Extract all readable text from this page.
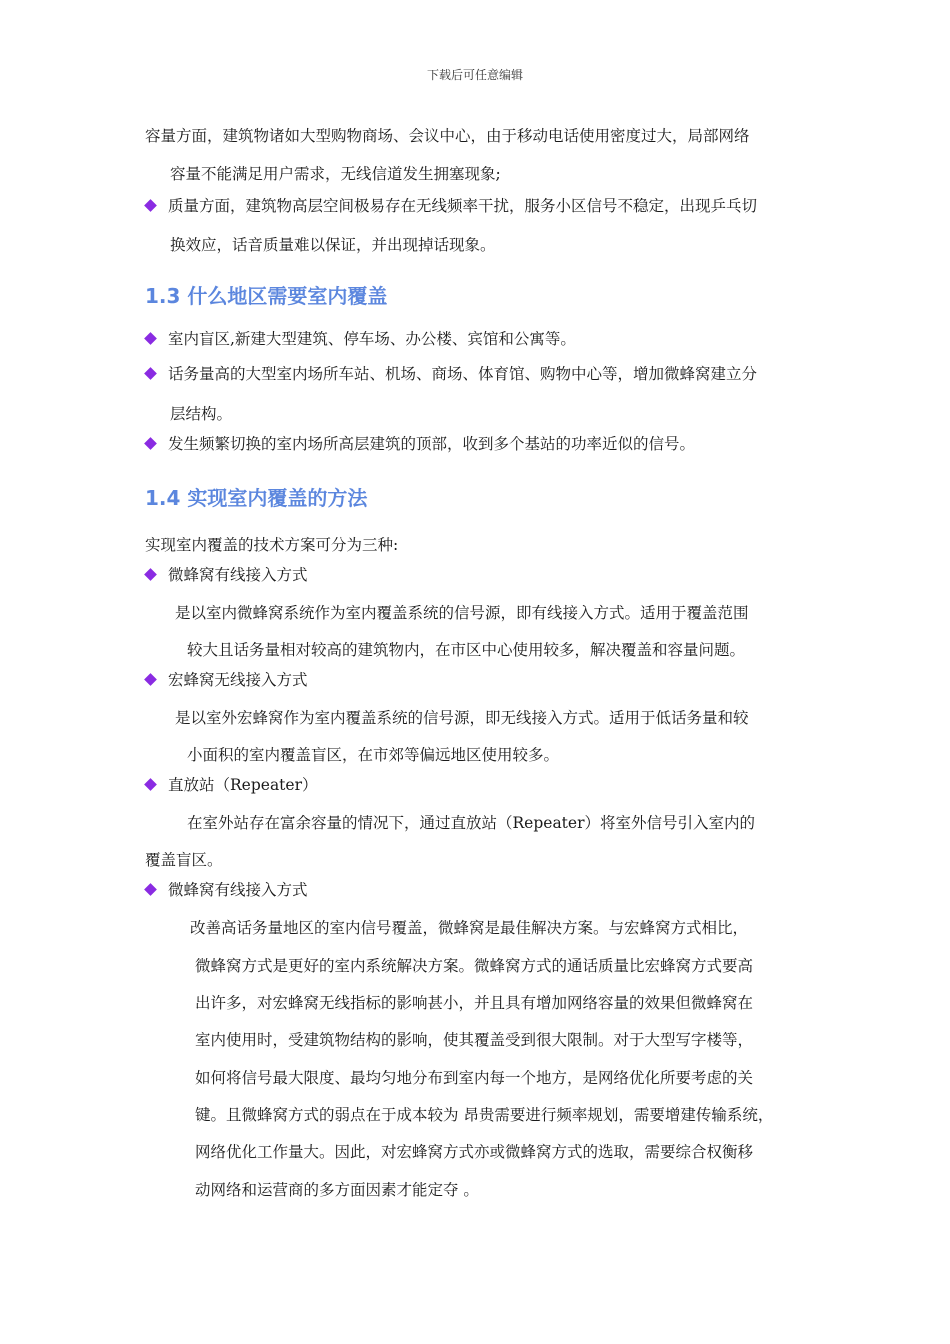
下载后可任意编辑
容量方面，建筑物诸如大型购物商场、会议中心，由于移动电话使用密度过大，局部网络
容量不能满足用户需求，无线信道发生拥塞现象;
质量方面，建筑物高层空间极易存在无线频率干扰，服务小区信号不稳定，出现乒乓切
换效应，话音质量难以保证，并出现掉话现象。
1.3 什么地区需要室内覆盖
室内盲区,新建大型建筑、停车场、办公楼、宾馆和公寓等。
话务量高的大型室内场所车站、机场、商场、体育馆、购物中心等，增加微蜂窝建立分
层结构。
发生频繁切换的室内场所高层建筑的顶部，收到多个基站的功率近似的信号。
1.4 实现室内覆盖的方法
实现室内覆盖的技术方案可分为三种:
微蜂窝有线接入方式
是以室内微蜂窝系统作为室内覆盖系统的信号源，即有线接入方式。适用于覆盖范围
较大且话务量相对较高的建筑物内，在市区中心使用较多，解决覆盖和容量问题。
宏蜂窝无线接入方式
是以室外宏蜂窝作为室内覆盖系统的信号源，即无线接入方式。适用于低话务量和较
小面积的室内覆盖盲区，在市郊等偏远地区使用较多。
直放站（Repeater）
在室外站存在富余容量的情况下，通过直放站（Repeater）将室外信号引入室内的
覆盖盲区。
微蜂窝有线接入方式
改善高话务量地区的室内信号覆盖，微蜂窝是最佳解决方案。与宏蜂窝方式相比，
微蜂窝方式是更好的室内系统解决方案。微蜂窝方式的通话质量比宏蜂窝方式要高
出许多，对宏蜂窝无线指标的影响甚小，并且具有增加网络容量的效果但微蜂窝在
室内使用时，受建筑物结构的影响，使其覆盖受到很大限制。对于大型写字楼等，
如何将信号最大限度、最均匀地分布到室内每一个地方，是网络优化所要考虑的关
键。且微蜂窝方式的弱点在于成本较为 昂贵需要进行频率规划，需要增建传输系统，
网络优化工作量大。因此，对宏蜂窝方式亦或微蜂窝方式的选取，需要综合权衡移
动网络和运营商的多方面因素才能定夺 。
